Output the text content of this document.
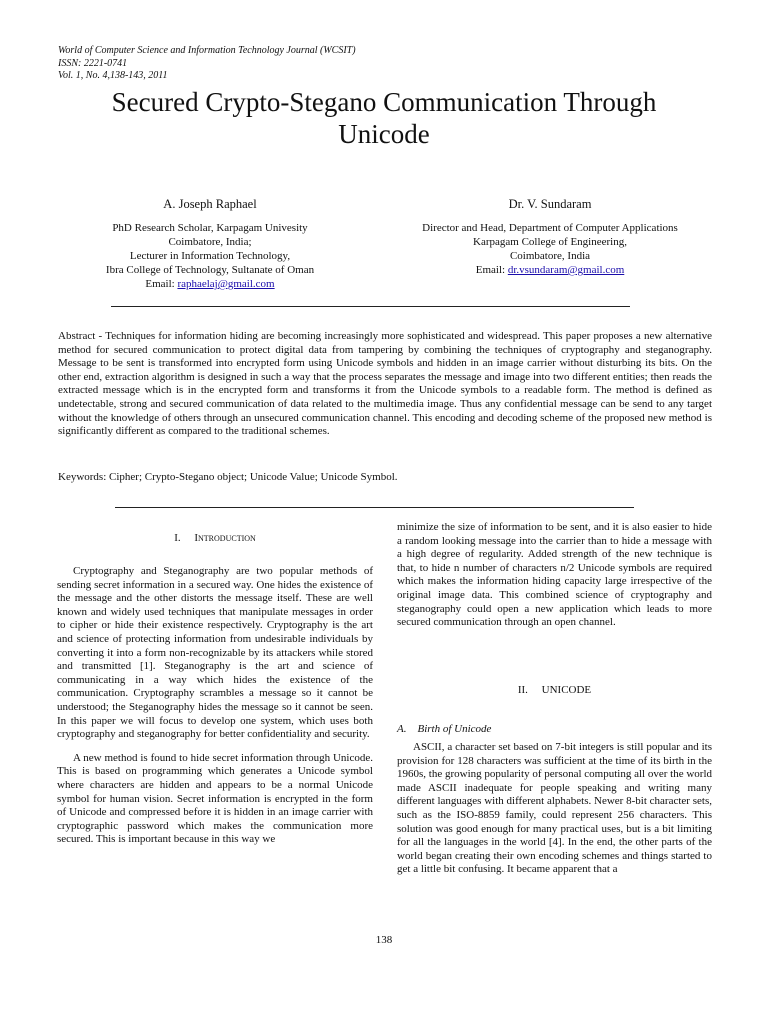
World of Computer Science and Information Technology Journal (WCSIT)
ISSN: 2221-0741
Vol. 1, No. 4,138-143, 2011
Secured Crypto-Stegano Communication Through
Unicode
A. Joseph Raphael
PhD Research Scholar, Karpagam Univesity
Coimbatore, India;
Lecturer in Information Technology,
Ibra College of Technology, Sultanate of Oman
Email: raphaelaj@gmail.com
Dr. V. Sundaram
Director and Head, Department of Computer Applications
Karpagam College of Engineering,
Coimbatore, India
Email: dr.vsundaram@gmail.com
Abstract - Techniques for information hiding are becoming increasingly more sophisticated and widespread. This paper proposes a new alternative method for secured communication to protect digital data from tampering by combining the techniques of cryptography and steganography. Message to be sent is transformed into encrypted form using Unicode symbols and hidden in an image carrier without disturbing its bits. On the other end, extraction algorithm is designed in such a way that the process separates the message and image into two different entities; then reads the extracted message which is in the encrypted form and transforms it from the Unicode symbols to a readable form. The method is defined as undetectable, strong and secured communication of data related to the multimedia image. Thus any confidential message can be send to any target without the knowledge of others through an unsecured communication channel. This encoding and decoding scheme of the proposed new method is significantly different as compared to the traditional schemes.
Keywords: Cipher; Crypto-Stegano object; Unicode Value; Unicode Symbol.
I. Introduction

Cryptography and Steganography are two popular methods of sending secret information in a secured way. One hides the existence of the message and the other distorts the message itself. These are well known and widely used techniques that manipulate messages in order to cipher or hide their existence respectively. Cryptography is the art and science of protecting information from undesirable individuals by converting it into a form non-recognizable by its attackers while stored and transmitted [1]. Steganography is the art and science of communicating in a way which hides the existence of the communication. Cryptography scrambles a message so it cannot be understood; the Steganography hides the message so it cannot be seen. In this paper we will focus to develop one system, which uses both cryptography and steganography for better confidentiality and security.

A new method is found to hide secret information through Unicode. This is based on programming which generates a Unicode symbol where characters are hidden and appears to be a normal Unicode symbol for human vision. Secret information is encrypted in the form of Unicode and compressed before it is hidden in an image carrier with cryptographic password which makes the communication more secured. This is important because in this way we

minimize the size of information to be sent, and it is also easier to hide a random looking message into the carrier than to hide a message with a high degree of regularity. Added strength of the new technique is that, to hide n number of characters n/2 Unicode symbols are required which makes the information hiding capacity large irrespective of the original image data. This combined science of cryptography and steganography could open a new application which leads to more secured communication through an open channel.

II. UNICODE
A. Birth of Unicode

ASCII, a character set based on 7-bit integers is still popular and its provision for 128 characters was sufficient at the time of its birth in the 1960s, the growing popularity of personal computing all over the world made ASCII inadequate for people speaking and writing many different languages with different alphabets. Newer 8-bit character sets, such as the ISO-8859 family, could represent 256 characters. This solution was good enough for many practical uses, but is a bit limiting for all the languages in the world [4]. In the end, the other parts of the world began creating their own encoding schemes and things started to get a little bit confusing. It became apparent that a

138
